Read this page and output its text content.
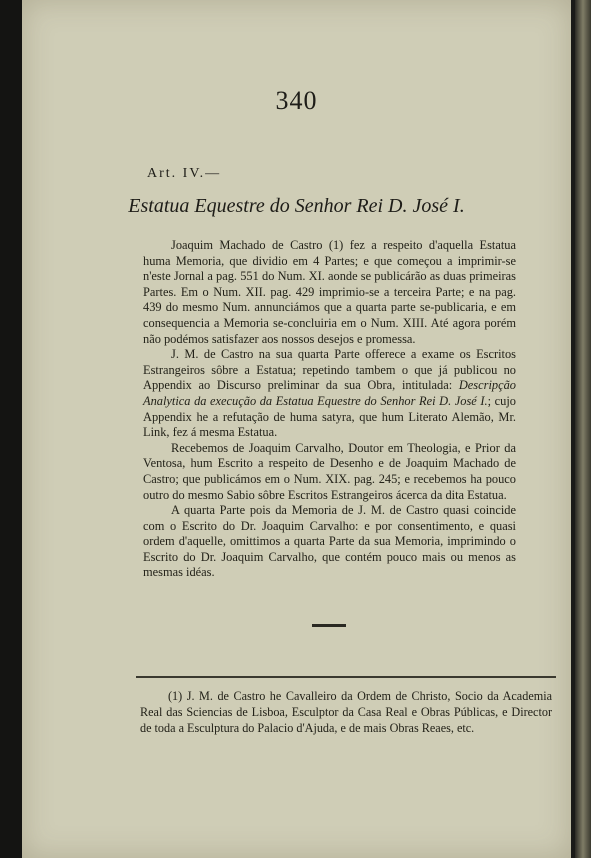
340
Art. IV.—
Estatua Equestre do Senhor Rei D. José I.

Joaquim Machado de Castro (1) fez a respeito d'aquella Estatua huma Memoria, que dividio em 4 Partes; e que começou a imprimir-se n'este Jornal a pag. 551 do Num. XI. aonde se publicárão as duas primeiras Partes. Em o Num. XII. pag. 429 imprimio-se a terceira Parte; e na pag. 439 do mesmo Num. annunciámos que a quarta parte se-publicaria, e em consequencia a Memoria se-concluiria em o Num. XIII. Até agora porém não podémos satisfazer aos nossos desejos e promessa.

J. M. de Castro na sua quarta Parte offerece a exame os Escritos Estrangeiros sôbre a Estatua; repetindo tambem o que já publicou no Appendix ao Discurso preliminar da sua Obra, intitulada: Descripção Analytica da execução da Estatua Equestre do Senhor Rei D. José I.; cujo Appendix he a refutação de huma satyra, que hum Literato Alemão, Mr. Link, fez á mesma Estatua.

Recebemos de Joaquim Carvalho, Doutor em Theologia, e Prior da Ventosa, hum Escrito a respeito de Desenho e de Joaquim Machado de Castro; que publicámos em o Num. XIX. pag. 245; e recebemos ha pouco outro do mesmo Sabio sôbre Escritos Estrangeiros ácerca da dita Estatua.

A quarta Parte pois da Memoria de J. M. de Castro quasi coincide com o Escrito do Dr. Joaquim Carvalho: e por consentimento, e quasi ordem d'aquelle, omittimos a quarta Parte da sua Memoria, imprimindo o Escrito do Dr. Joaquim Carvalho, que contém pouco mais ou menos as mesmas idéas.

(1) J. M. de Castro he Cavalleiro da Ordem de Christo, Socio da Academia Real das Sciencias de Lisboa, Esculptor da Casa Real e Obras Públicas, e Director de toda a Esculptura do Palacio d'Ajuda, e de mais Obras Reaes, etc.
